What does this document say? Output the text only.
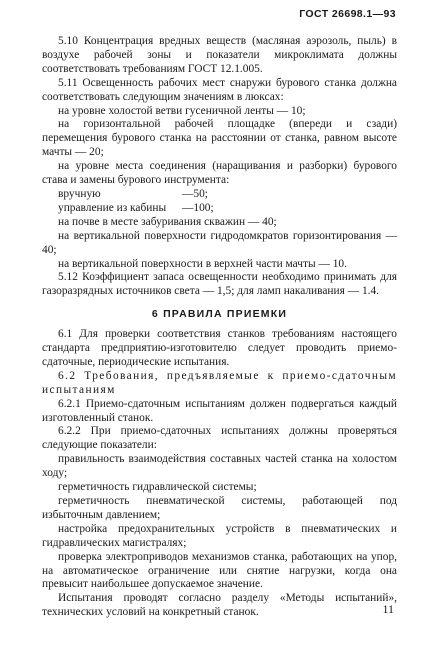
ГОСТ 26698.1—93

5.10 Концентрация вредных веществ (масляная аэрозоль, пыль) в воздухе рабочей зоны и показатели микроклимата должны соответствовать требованиям ГОСТ 12.1.005.

5.11 Освещенность рабочих мест снаружи бурового станка должна соответствовать следующим значениям в люксах:

на уровне холостой ветви гусеничной ленты — 10;

на горизонтальной рабочей площадке (впереди и сзади) перемещения бурового станка на расстоянии от станка, равном высоте мачты — 20;

на уровне места соединения (наращивания и разборки) бурового става и замены бурового инструмента:

вручную	—50;
управление из кабины	—100;

на почве в месте забуривания скважин — 40;

на вертикальной поверхности гидродомкратов горизонтирования — 40;

на вертикальной поверхности в верхней части мачты — 10.

5.12 Коэффициент запаса освещенности необходимо принимать для газоразрядных источников света — 1,5; для ламп накаливания — 1.4.

6 ПРАВИЛА ПРИЕМКИ

6.1 Для проверки соответствия станков требованиям настоящего стандарта предприятию-изготовителю следует проводить приемо-сдаточные, периодические испытания.

6.2 Требования, предъявляемые к приемо-сдаточным испытаниям

6.2.1 Приемо-сдаточным испытаниям должен подвергаться каждый изготовленный станок.

6.2.2 При приемо-сдаточных испытаниях должны проверяться следующие показатели:

правильность взаимодействия составных частей станка на холостом ходу;

герметичность гидравлической системы;

герметичность пневматической системы, работающей под избыточным давлением;

настройка предохранительных устройств в пневматических и гидравлических магистралях;

проверка электроприводов механизмов станка, работающих на упор, на автоматическое ограничение или снятие нагрузки, когда она превысит наибольшее допускаемое значение.

Испытания проводят согласно разделу «Методы испытаний», технических условий на конкретный станок.	11
